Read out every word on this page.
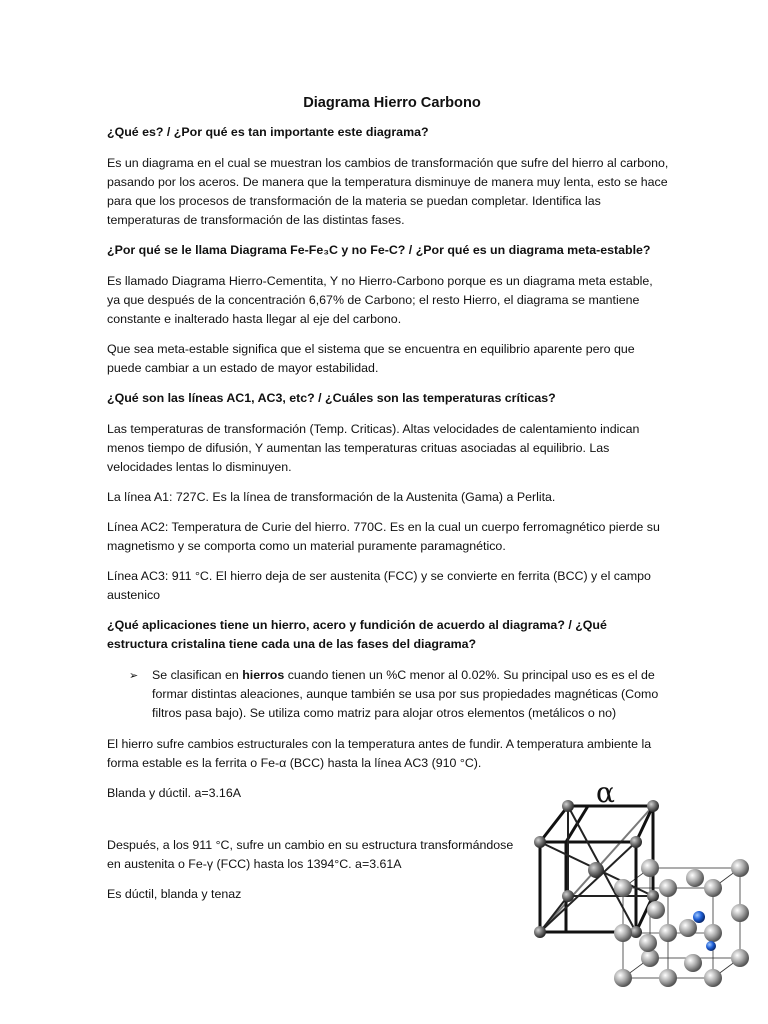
Diagrama Hierro Carbono
¿Qué es? / ¿Por qué es tan importante este diagrama?
Es un diagrama en el cual se muestran los cambios de transformación que sufre del hierro al carbono, pasando por los aceros. De manera que la temperatura disminuye de manera muy lenta, esto se hace para que los procesos de transformación de la materia se puedan completar. Identifica las temperaturas de transformación de las distintas fases.
¿Por qué se le llama Diagrama Fe-Fe₃C y no Fe-C? / ¿Por qué es un diagrama meta-estable?
Es llamado Diagrama Hierro-Cementita, Y no Hierro-Carbono porque es un diagrama meta estable, ya que después de la concentración 6,67% de Carbono; el resto Hierro, el diagrama se mantiene constante e inalterado hasta llegar al eje del carbono.
Que sea meta-estable significa que el sistema que se encuentra en equilibrio aparente pero que puede cambiar a un estado de mayor estabilidad.
¿Qué son las líneas AC1, AC3, etc? / ¿Cuáles son las temperaturas críticas?
Las temperaturas de transformación (Temp. Criticas). Altas velocidades de calentamiento indican menos tiempo de difusión, Y aumentan las temperaturas crituas asociadas al equilibrio. Las velocidades lentas lo disminuyen.
La línea A1: 727C. Es la línea de transformación de la Austenita (Gama) a Perlita.
Línea AC2: Temperatura de Curie del hierro. 770C. Es en la cual un cuerpo ferromagnético pierde su magnetismo y se comporta como un material puramente paramagnético.
Línea AC3: 911 °C. El hierro deja de ser austenita (FCC) y se convierte en ferrita (BCC) y el campo austenico
¿Qué aplicaciones tiene un hierro, acero y fundición de acuerdo al diagrama? / ¿Qué estructura cristalina tiene cada una de las fases del diagrama?
➢ Se clasifican en hierros cuando tienen un %C menor al 0.02%. Su principal uso es es el de formar distintas aleaciones, aunque también se usa por sus propiedades magnéticas (Como filtros pasa bajo). Se utiliza como matriz para alojar otros elementos (metálicos o no)
El hierro sufre cambios estructurales con la temperatura antes de fundir. A temperatura ambiente la forma estable es la ferrita o Fe-α (BCC) hasta la línea AC3 (910 °C).
Blanda y dúctil. a=3.16A
Después, a los 911 °C, sufre un cambio en su estructura transformándose en austenita o Fe-γ (FCC) hasta los 1394°C. a=3.61A
Es dúctil, blanda y tenaz
α
